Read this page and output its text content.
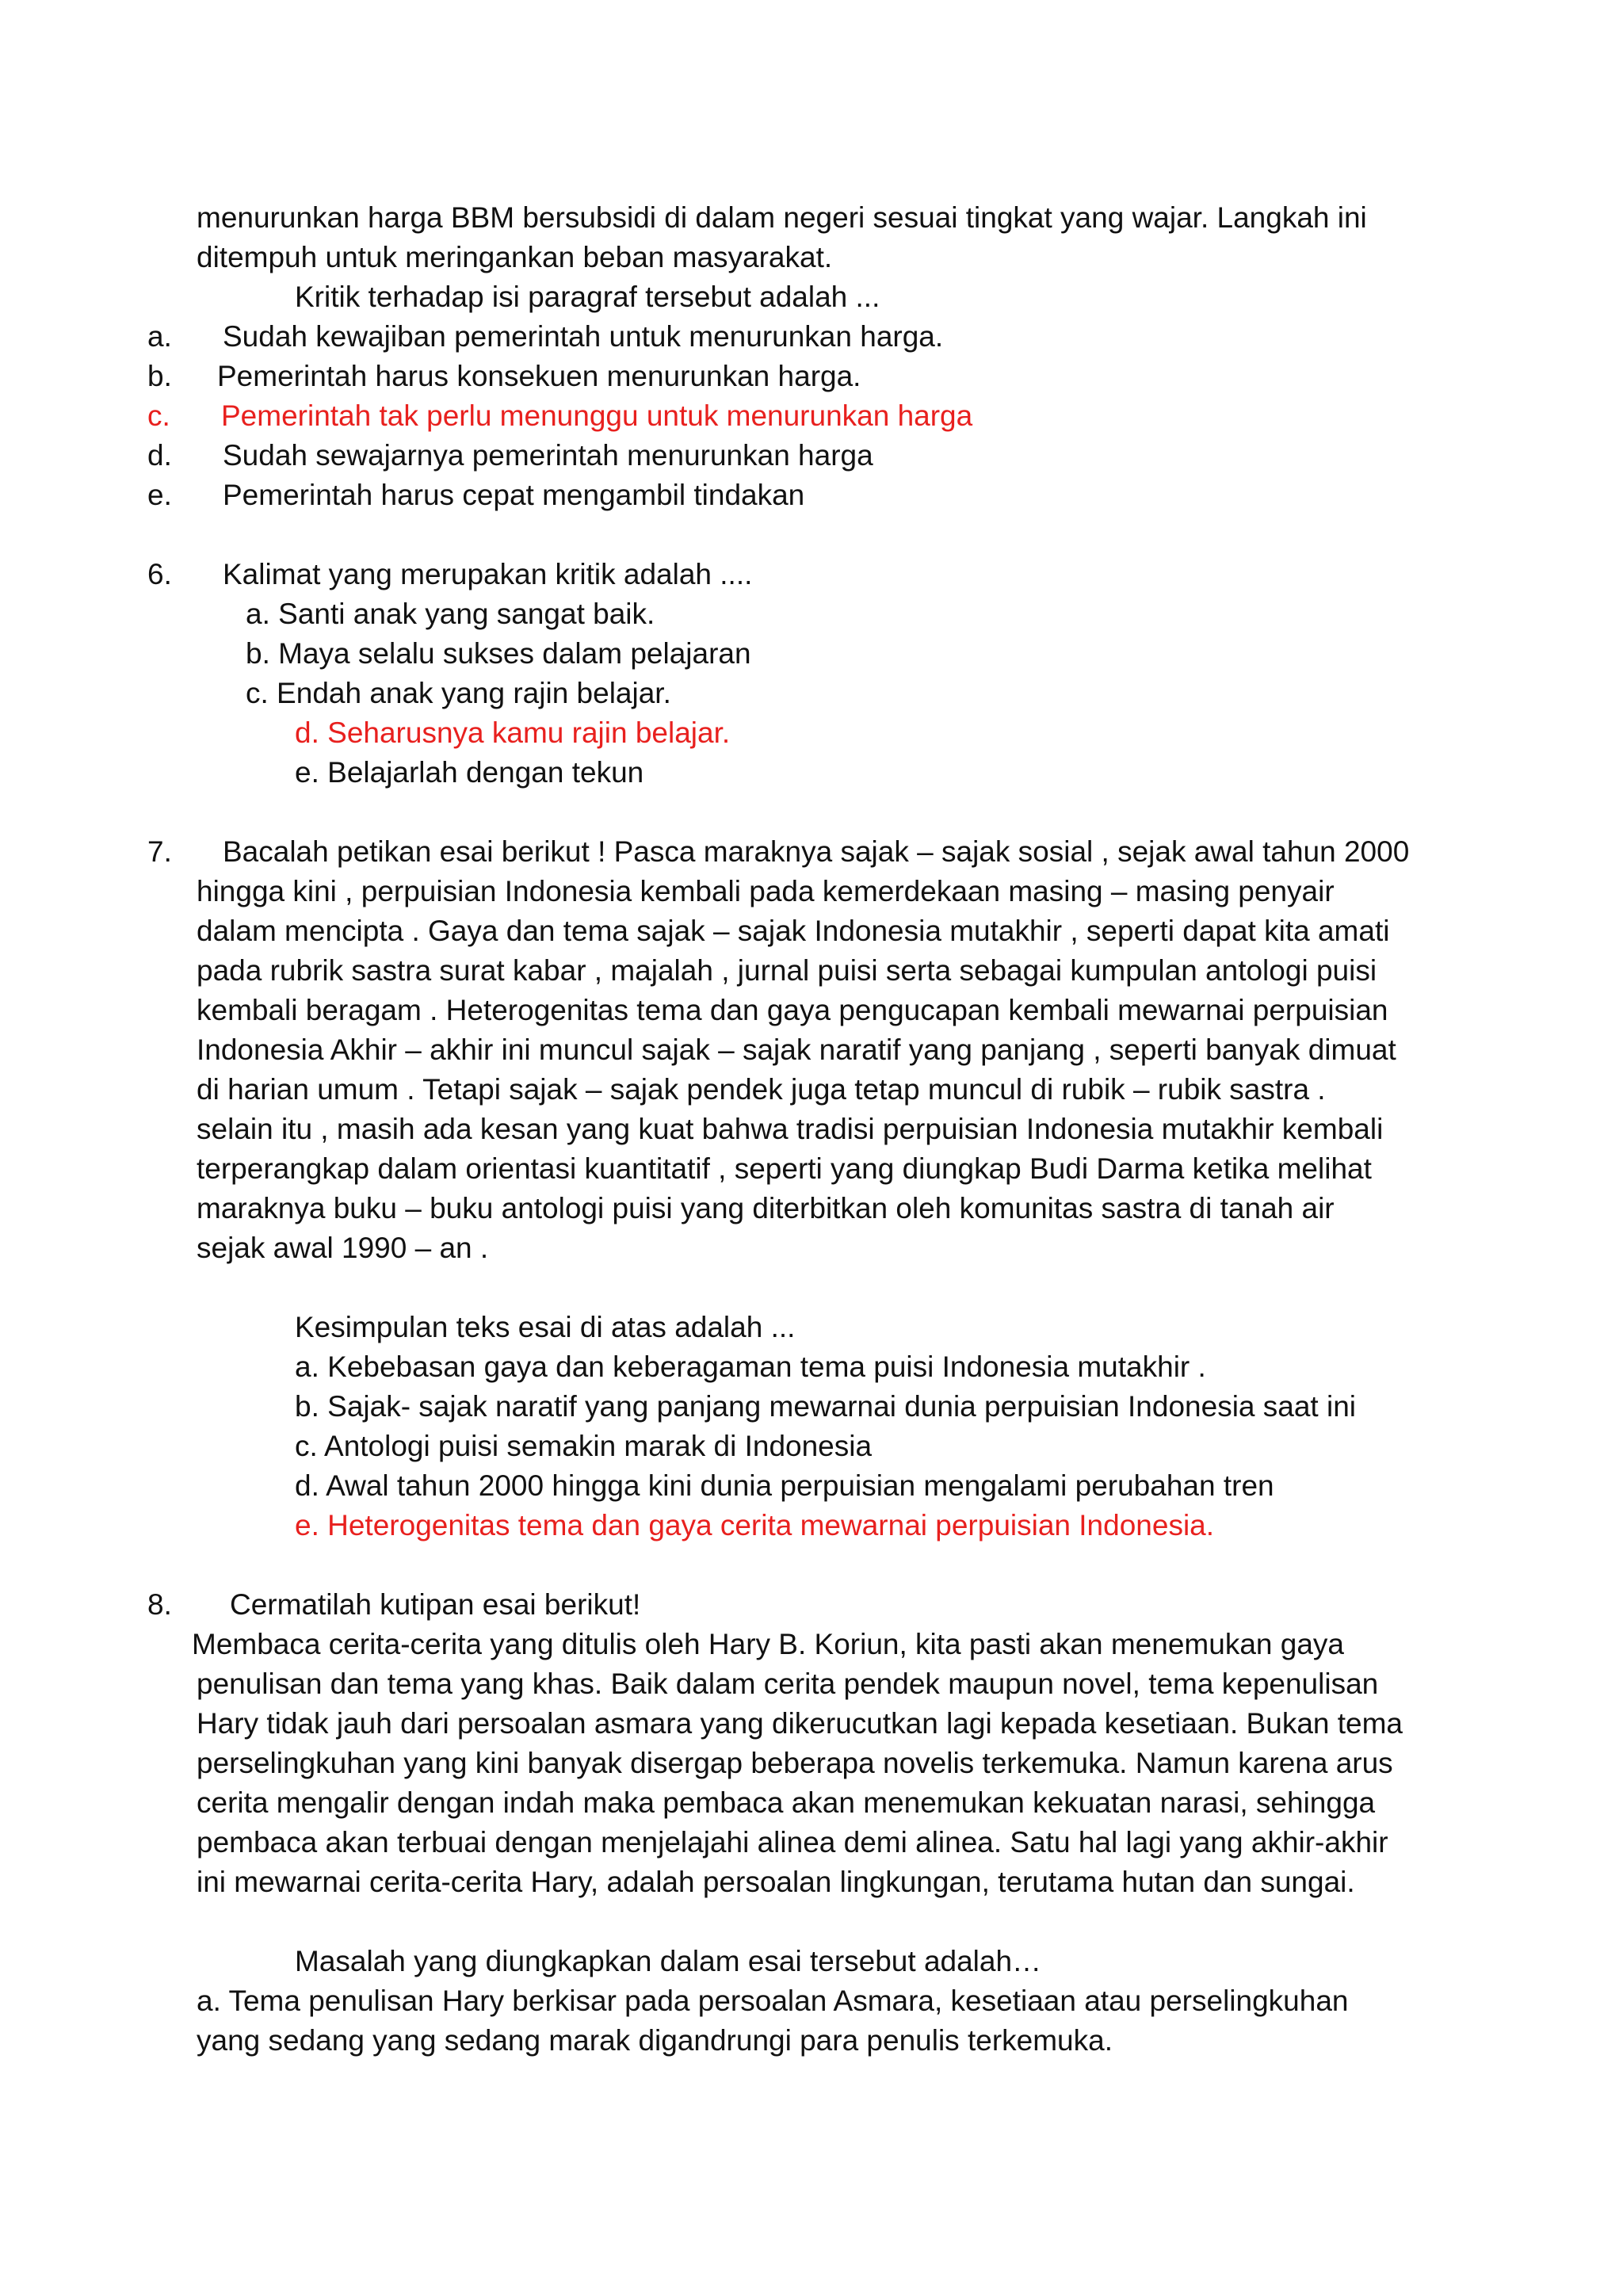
menurunkan harga BBM bersubsidi di dalam negeri sesuai tingkat yang wajar. Langkah ini
ditempuh untuk meringankan beban masyarakat.
Kritik terhadap isi paragraf tersebut adalah ...
a. Sudah kewajiban pemerintah untuk menurunkan harga.
b. Pemerintah harus konsekuen menurunkan harga.
c. Pemerintah tak perlu menunggu untuk menurunkan harga
d. Sudah sewajarnya pemerintah menurunkan harga
e. Pemerintah harus cepat mengambil tindakan
6. Kalimat yang merupakan kritik adalah ....
a. Santi anak yang sangat baik.
b. Maya selalu sukses dalam pelajaran
c. Endah anak yang rajin belajar.
d. Seharusnya kamu rajin belajar.
e. Belajarlah dengan tekun
7. Bacalah petikan esai berikut ! Pasca maraknya sajak – sajak sosial , sejak awal tahun 2000
hingga kini , perpuisian Indonesia kembali pada kemerdekaan masing – masing penyair
dalam mencipta . Gaya dan tema sajak – sajak Indonesia mutakhir , seperti dapat kita amati
pada rubrik sastra surat kabar , majalah , jurnal puisi serta sebagai kumpulan antologi puisi
kembali beragam . Heterogenitas tema dan gaya pengucapan kembali mewarnai perpuisian
Indonesia Akhir – akhir ini muncul sajak – sajak naratif yang panjang , seperti banyak dimuat
di harian umum . Tetapi sajak – sajak pendek juga tetap muncul di rubik – rubik sastra .
selain itu , masih ada kesan yang kuat bahwa tradisi perpuisian Indonesia mutakhir kembali
terperangkap dalam orientasi kuantitatif , seperti yang diungkap Budi Darma ketika melihat
maraknya buku – buku antologi puisi yang diterbitkan oleh komunitas sastra di tanah air
sejak awal 1990 – an .
Kesimpulan teks esai di atas adalah ...
a. Kebebasan gaya dan keberagaman tema puisi Indonesia mutakhir .
b. Sajak- sajak naratif yang panjang mewarnai dunia perpuisian Indonesia saat ini
c. Antologi puisi semakin marak di Indonesia
d. Awal tahun 2000 hingga kini dunia perpuisian mengalami perubahan tren
e. Heterogenitas tema dan gaya cerita mewarnai perpuisian Indonesia.
8. Cermatilah kutipan esai berikut!
Membaca cerita-cerita yang ditulis oleh Hary B. Koriun, kita pasti akan menemukan gaya
penulisan dan tema yang khas. Baik dalam cerita pendek maupun novel, tema kepenulisan
Hary tidak jauh dari persoalan asmara yang dikerucutkan lagi kepada kesetiaan. Bukan tema
perselingkuhan yang kini banyak disergap beberapa novelis terkemuka. Namun karena arus
cerita mengalir dengan indah maka pembaca akan menemukan kekuatan narasi, sehingga
pembaca akan terbuai dengan menjelajahi alinea demi alinea. Satu hal lagi yang akhir-akhir
ini mewarnai cerita-cerita Hary, adalah persoalan lingkungan, terutama hutan dan sungai.
Masalah yang diungkapkan dalam esai tersebut adalah…
a. Tema penulisan Hary berkisar pada persoalan Asmara, kesetiaan atau perselingkuhan
yang sedang yang sedang marak digandrungi para penulis terkemuka.
